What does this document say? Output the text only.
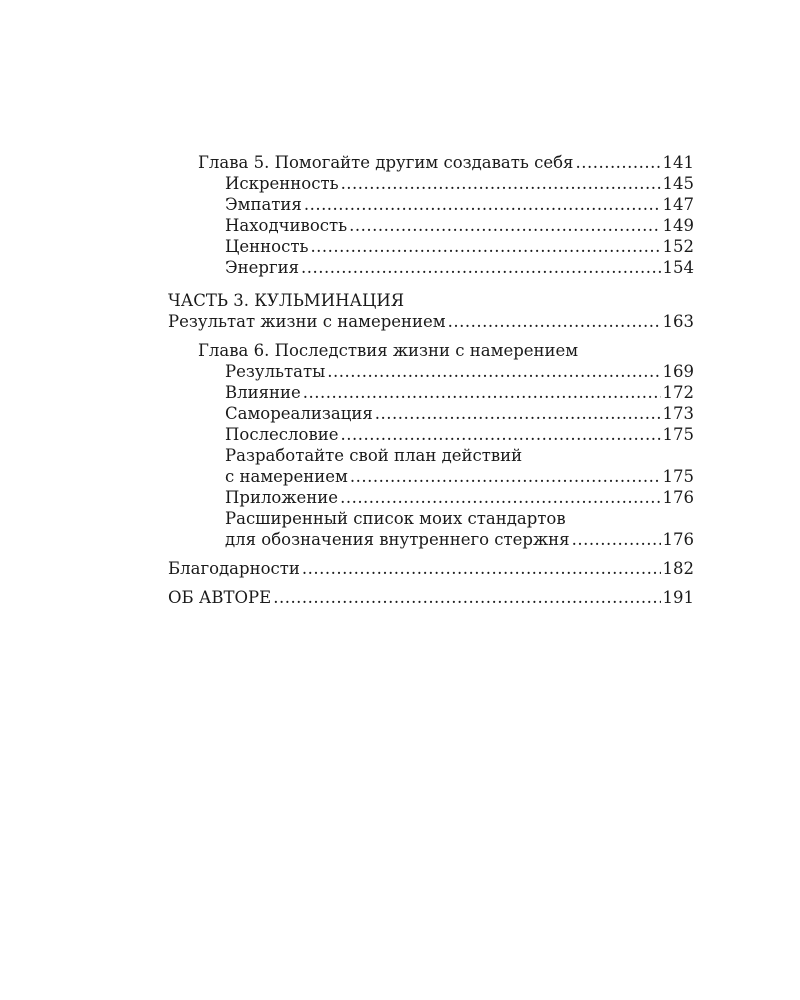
Глава 5. Помогайте другим создавать себя .....	141
Искренность .....	145
Эмпатия .....	147
Находчивость .....	149
Ценность .....	152
Энергия .....	154
ЧАСТЬ 3. КУЛЬМИНАЦИЯ
Результат жизни с намерением .....	163
Глава 6. Последствия жизни с намерением
Результаты .....	169
Влияние .....	172
Самореализация .....	173
Послесловие .....	175
Разработайте свой план действий
с намерением .....	175
Приложение .....	176
Расширенный список моих стандартов
для обозначения внутреннего стержня .....	176
Благодарности .....	182
ОБ АВТОРЕ .....	191
